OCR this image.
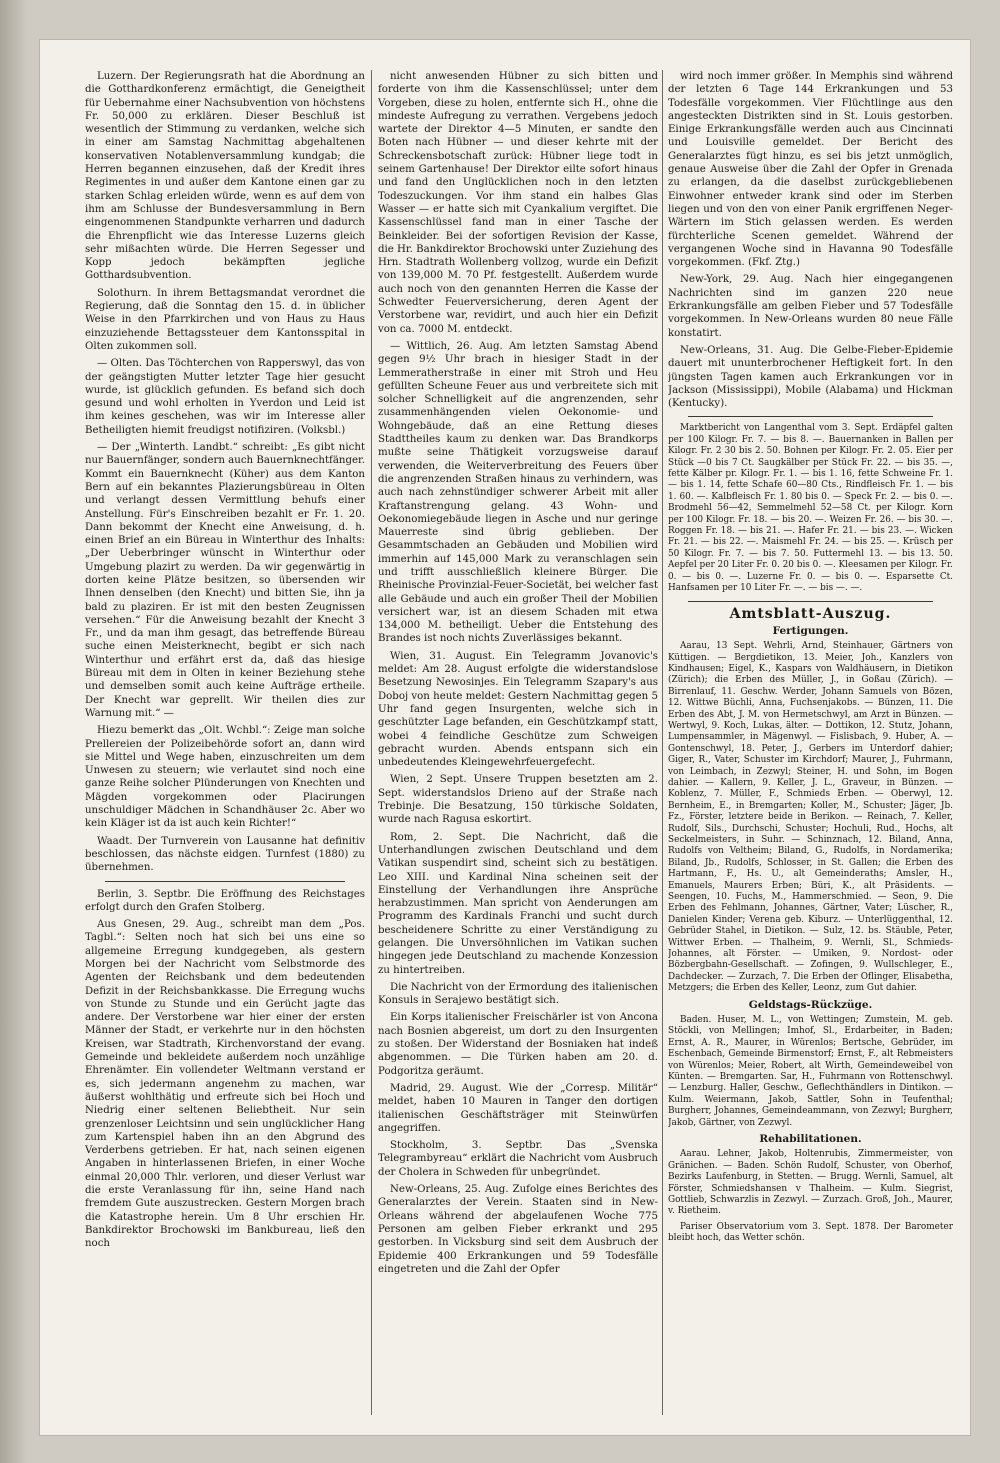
Luzern. Der Regierungsrath hat die Abordnung an die Gotthardkonferenz ermächtigt, die Geneigtheit für Uebernahme einer Nachsubvention von höchstens Fr. 50,000 zu erklären. Dieser Beschluß ist wesentlich der Stimmung zu verdanken, welche sich in einer am Samstag Nachmittag abgehaltenen konservativen Notablenversammlung kundgab; die Herren begannen einzusehen, daß der Kredit ihres Regimentes in und außer dem Kantone einen gar zu starken Schlag erleiden würde, wenn es auf dem von ihm am Schlusse der Bundesversammlung in Bern eingenommenen Standpunkte verharren und dadurch die Ehrenpflicht wie das Interesse Luzerns gleich sehr mißachten würde. Die Herren Segesser und Kopp jedoch bekämpften jegliche Gotthardsubvention.

Solothurn. In ihrem Bettagsmandat verordnet die Regierung, daß die Sonntag den 15. d. in üblicher Weise in den Pfarrkirchen und von Haus zu Haus einzuziehende Bettagssteuer dem Kantonsspital in Olten zukommen soll.

— Olten. Das Töchterchen von Rapperswyl, das von der geängstigten Mutter letzter Tage hier gesucht wurde, ist glücklich gefunden. Es befand sich doch gesund und wohl erholten in Yverdon und Leid ist ihm keines geschehen, was wir im Interesse aller Betheiligten hiemit freudigst notifiziren. (Volksbl.)

— Der „Winterth. Landbt.“ schreibt: „Es gibt nicht nur Bauernfänger, sondern auch Bauernknechtfänger. Kommt ein Bauernknecht (Küher) aus dem Kanton Bern auf ein bekanntes Plazierungsbüreau in Olten und verlangt dessen Vermittlung behufs einer Anstellung. Für's Einschreiben bezahlt er Fr. 1. 20. Dann bekommt der Knecht eine Anweisung, d. h. einen Brief an ein Büreau in Winterthur des Inhalts: „Der Ueberbringer wünscht in Winterthur oder Umgebung plazirt zu werden. Da wir gegenwärtig in dorten keine Plätze besitzen, so übersenden wir Ihnen denselben (den Knecht) und bitten Sie, ihn ja bald zu plaziren. Er ist mit den besten Zeugnissen versehen.“ Für die Anweisung bezahlt der Knecht 3 Fr., und da man ihm gesagt, das betreffende Büreau suche einen Meisterknecht, begibt er sich nach Winterthur und erfährt erst da, daß das hiesige Büreau mit dem in Olten in keiner Beziehung stehe und demselben somit auch keine Aufträge ertheile. Der Knecht war geprellt. Wir theilen dies zur Warnung mit.“ —

Hiezu bemerkt das „Olt. Wchbl.“: Zeige man solche Prellereien der Polizeibehörde sofort an, dann wird sie Mittel und Wege haben, einzuschreiten um dem Unwesen zu steuern; wie verlautet sind noch eine ganze Reihe solcher Plünderungen von Knechten und Mägden vorgekommen oder Placirungen unschuldiger Mädchen in Schandhäuser 2c. Aber wo kein Kläger ist da ist auch kein Richter!“

Waadt. Der Turnverein von Lausanne hat definitiv beschlossen, das nächste eidgen. Turnfest (1880) zu übernehmen.

Berlin, 3. Septbr. Die Eröffnung des Reichstages erfolgt durch den Grafen Stolberg.

Aus Gnesen, 29. Aug., schreibt man dem „Pos. Tagbl.“: Selten noch hat sich bei uns eine so allgemeine Erregung kundgegeben, als gestern Morgen bei der Nachricht vom Selbstmorde des Agenten der Reichsbank und dem bedeutenden Defizit in der Reichsbankkasse. Die Erregung wuchs von Stunde zu Stunde und ein Gerücht jagte das andere. Der Verstorbene war hier einer der ersten Männer der Stadt, er verkehrte nur in den höchsten Kreisen, war Stadtrath, Kirchenvorstand der evang. Gemeinde und bekleidete außerdem noch unzählige Ehrenämter. Ein vollendeter Weltmann verstand er es, sich jedermann angenehm zu machen, war äußerst wohlthätig und erfreute sich bei Hoch und Niedrig einer seltenen Beliebtheit. Nur sein grenzenloser Leichtsinn und sein unglücklicher Hang zum Kartenspiel haben ihn an den Abgrund des Verderbens getrieben. Er hat, nach seinen eigenen Angaben in hinterlassenen Briefen, in einer Woche einmal 20,000 Thlr. verloren, und dieser Verlust war die erste Veranlassung für ihn, seine Hand nach fremdem Gute auszustrecken. Gestern Morgen brach die Katastrophe herein. Um 8 Uhr erschien Hr. Bankdirektor Brochowski im Bankbureau, ließ den noch

nicht anwesenden Hübner zu sich bitten und forderte von ihm die Kassenschlüssel; unter dem Vorgeben, diese zu holen, entfernte sich H., ohne die mindeste Aufregung zu verrathen. Vergebens jedoch wartete der Direktor 4—5 Minuten, er sandte den Boten nach Hübner — und dieser kehrte mit der Schreckensbotschaft zurück: Hübner liege todt in seinem Gartenhause! Der Direktor eilte sofort hinaus und fand den Unglücklichen noch in den letzten Todeszuckungen. Vor ihm stand ein halbes Glas Wasser — er hatte sich mit Cyankalium vergiftet. Die Kassenschlüssel fand man in einer Tasche der Beinkleider. Bei der sofortigen Revision der Kasse, die Hr. Bankdirektor Brochowski unter Zuziehung des Hrn. Stadtrath Wollenberg vollzog, wurde ein Defizit von 139,000 M. 70 Pf. festgestellt. Außerdem wurde auch noch von den genannten Herren die Kasse der Schwedter Feuerversicherung, deren Agent der Verstorbene war, revidirt, und auch hier ein Defizit von ca. 7000 M. entdeckt.

— Wittlich, 26. Aug. Am letzten Samstag Abend gegen 9½ Uhr brach in hiesiger Stadt in der Lemmeratherstraße in einer mit Stroh und Heu gefüllten Scheune Feuer aus und verbreitete sich mit solcher Schnelligkeit auf die angrenzenden, sehr zusammenhängenden vielen Oekonomie- und Wohngebäude, daß an eine Rettung dieses Stadttheiles kaum zu denken war. Das Brandkorps mußte seine Thätigkeit vorzugsweise darauf verwenden, die Weiterverbreitung des Feuers über die angrenzenden Straßen hinaus zu verhindern, was auch nach zehnstündiger schwerer Arbeit mit aller Kraftanstrengung gelang. 43 Wohn- und Oekonomiegebäude liegen in Asche und nur geringe Mauerreste sind übrig geblieben. Der Gesammtschaden an Gebäuden und Mobilien wird immerhin auf 145,000 Mark zu veranschlagen sein und trifft ausschließlich kleinere Bürger. Die Rheinische Provinzial-Feuer-Societät, bei welcher fast alle Gebäude und auch ein großer Theil der Mobilien versichert war, ist an diesem Schaden mit etwa 134,000 M. betheiligt. Ueber die Entstehung des Brandes ist noch nichts Zuverlässiges bekannt.

Wien, 31. August. Ein Telegramm Jovanovic's meldet: Am 28. August erfolgte die widerstandslose Besetzung Newosinjes. Ein Telegramm Szapary's aus Doboj von heute meldet: Gestern Nachmittag gegen 5 Uhr fand gegen Insurgenten, welche sich in geschützter Lage befanden, ein Geschützkampf statt, wobei 4 feindliche Geschütze zum Schweigen gebracht wurden. Abends entspann sich ein unbedeutendes Kleingewehrfeuergefecht.

Wien, 2 Sept. Unsere Truppen besetzten am 2. Sept. widerstandslos Drieno auf der Straße nach Trebinje. Die Besatzung, 150 türkische Soldaten, wurde nach Ragusa eskortirt.

Rom, 2. Sept. Die Nachricht, daß die Unterhandlungen zwischen Deutschland und dem Vatikan suspendirt sind, scheint sich zu bestätigen. Leo XIII. und Kardinal Nina scheinen seit der Einstellung der Verhandlungen ihre Ansprüche herabzustimmen. Man spricht von Aenderungen am Programm des Kardinals Franchi und sucht durch bescheidenere Schritte zu einer Verständigung zu gelangen. Die Unversöhnlichen im Vatikan suchen hingegen jede Deutschland zu machende Konzession zu hintertreiben.

Die Nachricht von der Ermordung des italienischen Konsuls in Serajewo bestätigt sich.

Ein Korps italienischer Freischärler ist von Ancona nach Bosnien abgereist, um dort zu den Insurgenten zu stoßen. Der Widerstand der Bosniaken hat indeß abgenommen. — Die Türken haben am 20. d. Podgoritza geräumt.

Madrid, 29. August. Wie der „Corresp. Militär“ meldet, haben 10 Mauren in Tanger den dortigen italienischen Geschäftsträger mit Steinwürfen angegriffen.

Stockholm, 3. Septbr. Das „Svenska Telegrambyreau“ erklärt die Nachricht vom Ausbruch der Cholera in Schweden für unbegründet.

New-Orleans, 25. Aug. Zufolge eines Berichtes des Generalarztes der Verein. Staaten sind in New-Orleans während der abgelaufenen Woche 775 Personen am gelben Fieber erkrankt und 295 gestorben. In Vicksburg sind seit dem Ausbruch der Epidemie 400 Erkrankungen und 59 Todesfälle eingetreten und die Zahl der Opfer

wird noch immer größer. In Memphis sind während der letzten 6 Tage 144 Erkrankungen und 53 Todesfälle vorgekommen. Vier Flüchtlinge aus den angesteckten Distrikten sind in St. Louis gestorben. Einige Erkrankungsfälle werden auch aus Cincinnati und Louisville gemeldet. Der Bericht des Generalarztes fügt hinzu, es sei bis jetzt unmöglich, genaue Ausweise über die Zahl der Opfer in Grenada zu erlangen, da die daselbst zurückgebliebenen Einwohner entweder krank sind oder im Sterben liegen und von den von einer Panik ergriffenen Neger-Wärtern im Stich gelassen werden. Es werden fürchterliche Scenen gemeldet. Während der vergangenen Woche sind in Havanna 90 Todesfälle vorgekommen. (Fkf. Ztg.)

New-York, 29. Aug. Nach hier eingegangenen Nachrichten sind im ganzen 220 neue Erkrankungsfälle am gelben Fieber und 57 Todesfälle vorgekommen. In New-Orleans wurden 80 neue Fälle konstatirt.

New-Orleans, 31. Aug. Die Gelbe-Fieber-Epidemie dauert mit ununterbrochener Heftigkeit fort. In den jüngsten Tagen kamen auch Erkrankungen vor in Jackson (Mississippi), Mobile (Alabama) und Hickman (Kentucky).

Marktbericht von Langenthal vom 3. Sept. Erdäpfel galten per 100 Kilogr. Fr. 7. — bis 8. —. Bauernanken in Ballen per Kilogr. Fr. 2 30 bis 2. 50. Bohnen per Kilogr. Fr. 2. 05. Eier per Stück —0 bis 7 Ct. Saugkälber per Stück Fr. 22. — bis 35. —, fette Kälber pr. Kilogr. Fr. 1. — bis 1. 16, fette Schweine Fr. 1. — bis 1. 14, fette Schafe 60—80 Cts., Rindfleisch Fr. 1. — bis 1. 60. —. Kalbfleisch Fr. 1. 80 bis 0. — Speck Fr. 2. — bis 0. —. Brodmehl 56—42, Semmelmehl 52—58 Ct. per Kilogr. Korn per 100 Kilogr. Fr. 18. — bis 20. —. Weizen Fr. 26. — bis 30. —. Roggen Fr. 18. — bis 21. —. Hafer Fr. 21. — bis 23. —. Wicken Fr. 21. — bis 22. —. Maismehl Fr. 24. — bis 25. —. Krüsch per 50 Kilogr. Fr. 7. — bis 7. 50. Futtermehl 13. — bis 13. 50. Aepfel per 20 Liter Fr. 0. 20 bis 0. —. Kleesamen per Kilogr. Fr. 0. — bis 0. —. Luzerne Fr. 0. — bis 0. —. Esparsette Ct. Hanfsamen per 10 Liter Fr. —. — bis —. —.

Amtsblatt-Auszug.
Fertigungen.

Aarau, 13 Sept. Wehrli, Arnd, Steinhauer, Gärtners von Küttigen. — Bergdietikon, 13. Meier, Joh., Kanzlers von Kindhausen; Eigel, K., Kaspars von Waldhäusern, in Dietikon (Zürich); die Erben des Müller, J., in Goßau (Zürich). — Birrenlauf, 11. Geschw. Werder, Johann Samuels von Bözen, 12. Wittwe Büchli, Anna, Fuchsenjakobs. — Bünzen, 11. Die Erben des Abt, J. M. von Hermetschwyl, am Arzt in Bünzen. — Wertwyl, 9. Koch, Lukas, älter. — Dottikon, 12. Stutz, Johann, Lumpensammler, in Mägenwyl. — Fislisbach, 9. Huber, A. — Gontenschwyl, 18. Peter, J., Gerbers im Unterdorf dahier; Giger, R., Vater, Schuster im Kirchdorf; Maurer, J., Fuhrmann, von Leimbach, in Zezwyl; Steiner, H. und Sohn, im Bogen dahier. — Kallern, 9. Keller, J. L., Graveur, in Bünzen. — Koblenz, 7. Müller, F., Schmieds Erben. — Oberwyl, 12. Bernheim, E., in Bremgarten; Koller, M., Schuster; Jäger, Jb. Fz., Förster, letztere beide in Berikon. — Reinach, 7. Keller, Rudolf, Sils., Durchschi, Schuster; Hochuli, Rud., Hochs, alt Seckelmeisters, in Suhr. — Schinznach, 12. Biland, Anna, Rudolfs von Veltheim; Biland, G., Rudolfs, in Nordamerika; Biland, Jb., Rudolfs, Schlosser, in St. Gallen; die Erben des Hartmann, F., Hs. U., alt Gemeinderaths; Amsler, H., Emanuels, Maurers Erben; Büri, K., alt Präsidents. — Seengen, 10. Fuchs, M., Hammerschmied. — Seon, 9. Die Erben des Fehlmann, Johannes, Gärtner, Vater; Lüscher, R., Danielen Kinder; Verena geb. Kiburz. — Unterlüggenthal, 12. Gebrüder Stahel, in Dietikon. — Sulz, 12. bs. Stäuble, Peter, Wittwer Erben. — Thalheim, 9. Wernli, Sl., Schmieds-Johannes, alt Förster. — Umiken, 9. Nordost- oder Bözbergbahn-Gesellschaft. — Zofingen, 9. Wullschleger, E., Dachdecker. — Zurzach, 7. Die Erben der Oflinger, Elisabetha, Metzgers; die Erben des Keller, Leonz, zum Gut dahier.

Geldstags-Rückzüge.

Baden. Huser, M. L., von Wettingen; Zumstein, M. geb. Stöckli, von Mellingen; Imhof, Sl., Erdarbeiter, in Baden; Ernst, A. R., Maurer, in Würenlos; Bertsche, Gebrüder, im Eschenbach, Gemeinde Birmenstorf; Ernst, F., alt Rebmeisters von Würenlos; Meier, Robert, alt Wirth, Gemeindeweibel von Künten. — Bremgarten. Sar, H., Fuhrmann von Rottenschwyl. — Lenzburg. Haller, Geschw., Geflechthändlers in Dintikon. — Kulm. Weiermann, Jakob, Sattler, Sohn in Teufenthal; Burgherr, Johannes, Gemeindeammann, von Zezwyl; Burgherr, Jakob, Gärtner, von Zezwyl.

Rehabilitationen.

Aarau. Lehner, Jakob, Holtenrubis, Zimmermeister, von Gränichen. — Baden. Schön Rudolf, Schuster, von Oberhof, Bezirks Laufenburg, in Stetten. — Brugg. Wernli, Samuel, alt Förster, Schmiedshansen v Thalheim. — Kulm. Siegrist, Gottlieb, Schwarzlis in Zezwyl. — Zurzach. Groß, Joh., Maurer, v. Rietheim.

Pariser Observatorium vom 3. Sept. 1878. Der Barometer bleibt hoch, das Wetter schön.
